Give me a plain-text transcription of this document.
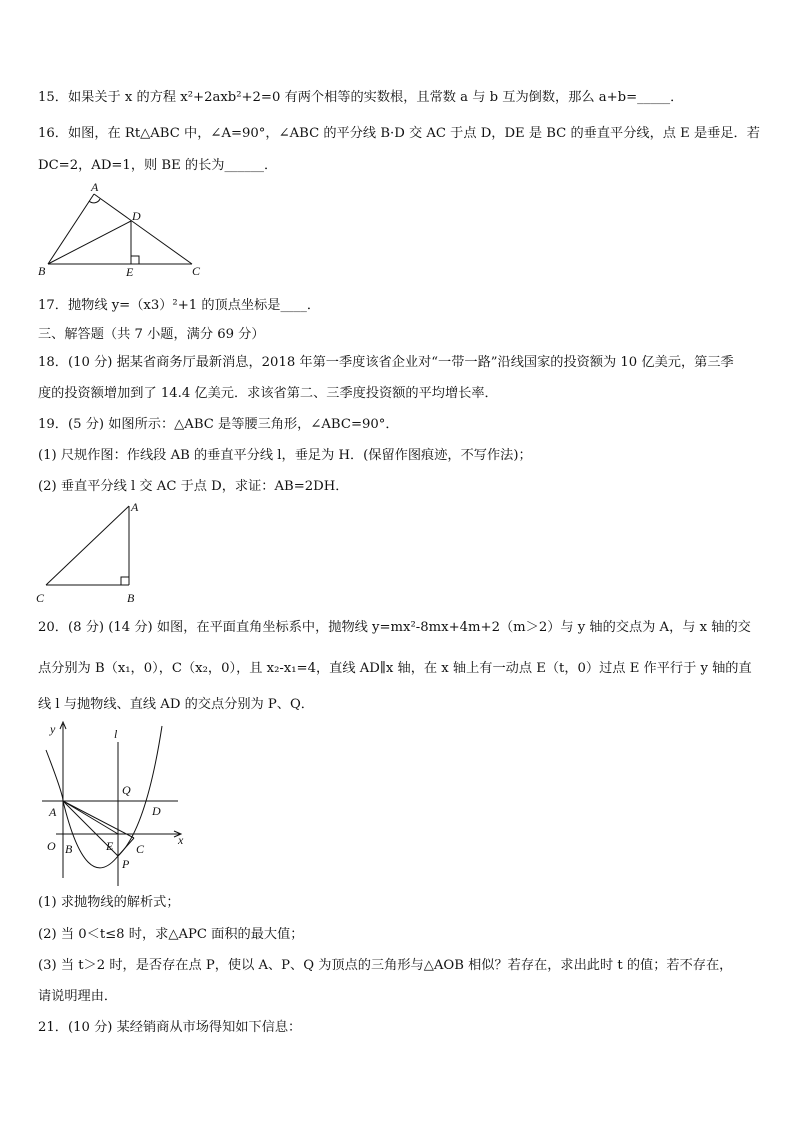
15．如果关于 x 的方程 x²+2axb²+2=0 有两个相等的实数根，且常数 a 与 b 互为倒数，那么 a+b=_____．
16．如图，在 Rt△ABC 中，∠A=90°，∠ABC 的平分线 B·D 交 AC 于点 D，DE 是 BC 的垂直平分线，点 E 是垂足．若
DC=2，AD=1，则 BE 的长为______．
A
D
B	E	C
17．抛物线 y=（x3）²+1 的顶点坐标是____．
三、解答题（共 7 小题，满分 69 分）
18．(10 分) 据某省商务厅最新消息，2018 年第一季度该省企业对“一带一路”沿线国家的投资额为 10 亿美元，第三季
度的投资额增加到了 14.4 亿美元．求该省第二、三季度投资额的平均增长率．
19．(5 分) 如图所示：△ABC 是等腰三角形，∠ABC=90°．
(1) 尺规作图：作线段 AB 的垂直平分线 l，垂足为 H．(保留作图痕迹，不写作法)；
(2) 垂直平分线 l 交 AC 于点 D，求证：AB=2DH．
A
C	B
20．(8 分) (14 分) 如图，在平面直角坐标系中，抛物线 y=mx²-8mx+4m+2（m＞2）与 y 轴的交点为 A，与 x 轴的交
点分别为 B（x₁，0），C（x₂，0），且 x₂-x₁=4，直线 AD∥x 轴，在 x 轴上有一动点 E（t，0）过点 E 作平行于 y 轴的直
线 l 与抛物线、直线 AD 的交点分别为 P、Q．
y	l
Q
D
A
O B	E C
P
x
(1) 求抛物线的解析式；
(2) 当 0＜t≤8 时，求△APC 面积的最大值；
(3) 当 t＞2 时，是否存在点 P，使以 A、P、Q 为顶点的三角形与△AOB 相似？若存在，求出此时 t 的值；若不存在，
请说明理由．
21．(10 分) 某经销商从市场得知如下信息：
